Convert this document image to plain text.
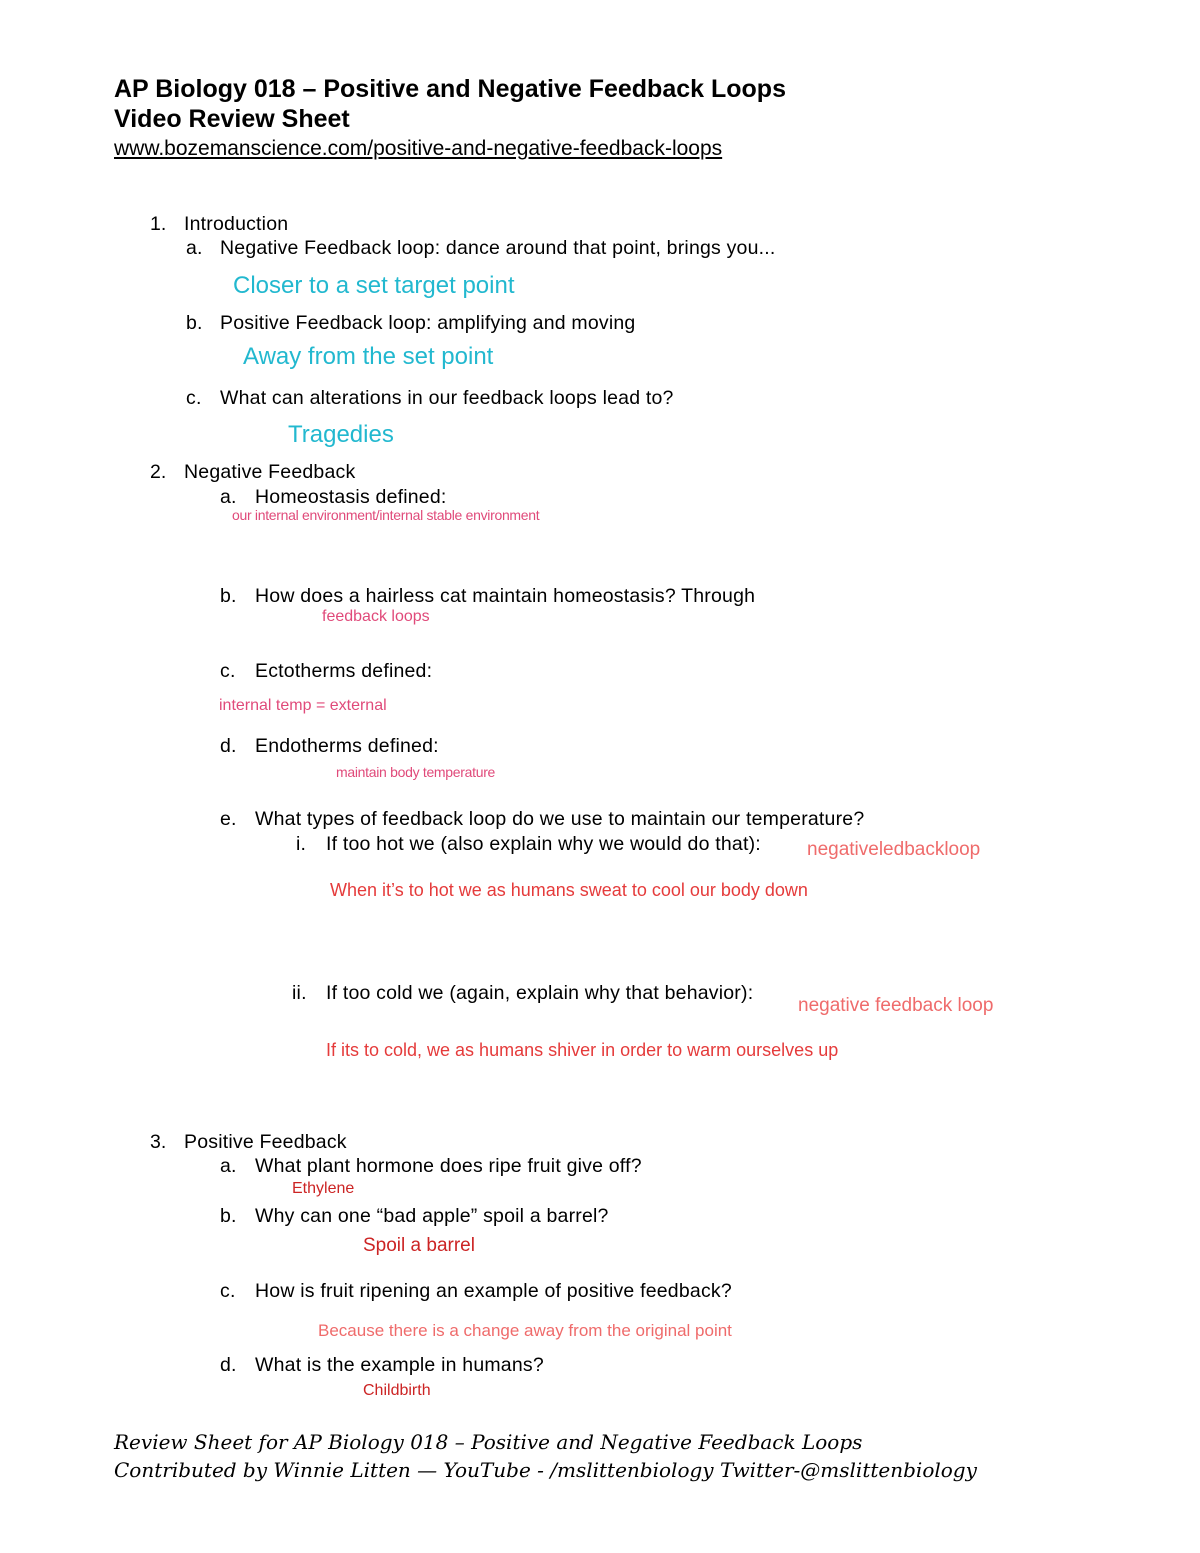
AP Biology 018 – Positive and Negative Feedback Loops
Video Review Sheet
www.bozemanscience.com/positive-and-negative-feedback-loops
1. Introduction
a. Negative Feedback loop: dance around that point, brings you...
Closer to a set target point
b. Positive Feedback loop: amplifying and moving
Away from the set point
c. What can alterations in our feedback loops lead to?
Tragedies
2. Negative Feedback
a. Homeostasis defined:
our internal environment/internal stable environment
b. How does a hairless cat maintain homeostasis? Through
feedback loops
c. Ectotherms defined:
internal temp = external
d. Endotherms defined:
maintain body temperature
e. What types of feedback loop do we use to maintain our temperature?
i. If too hot we (also explain why we would do that): negativeledbackloop
When it’s to hot we as humans sweat to cool our body down
ii. If too cold we (again, explain why that behavior):
negative feedback loop
If its to cold, we as humans shiver in order to warm ourselves up
3. Positive Feedback
a. What plant hormone does ripe fruit give off?
Ethylene
b. Why can one “bad apple” spoil a barrel?
Spoil a barrel
c. How is fruit ripening an example of positive feedback?
Because there is a change away from the original point
d. What is the example in humans?
Childbirth
Review Sheet for AP Biology 018 – Positive and Negative Feedback Loops
Contributed by Winnie Litten — YouTube - /mslittenbiology Twitter-@mslittenbiology
